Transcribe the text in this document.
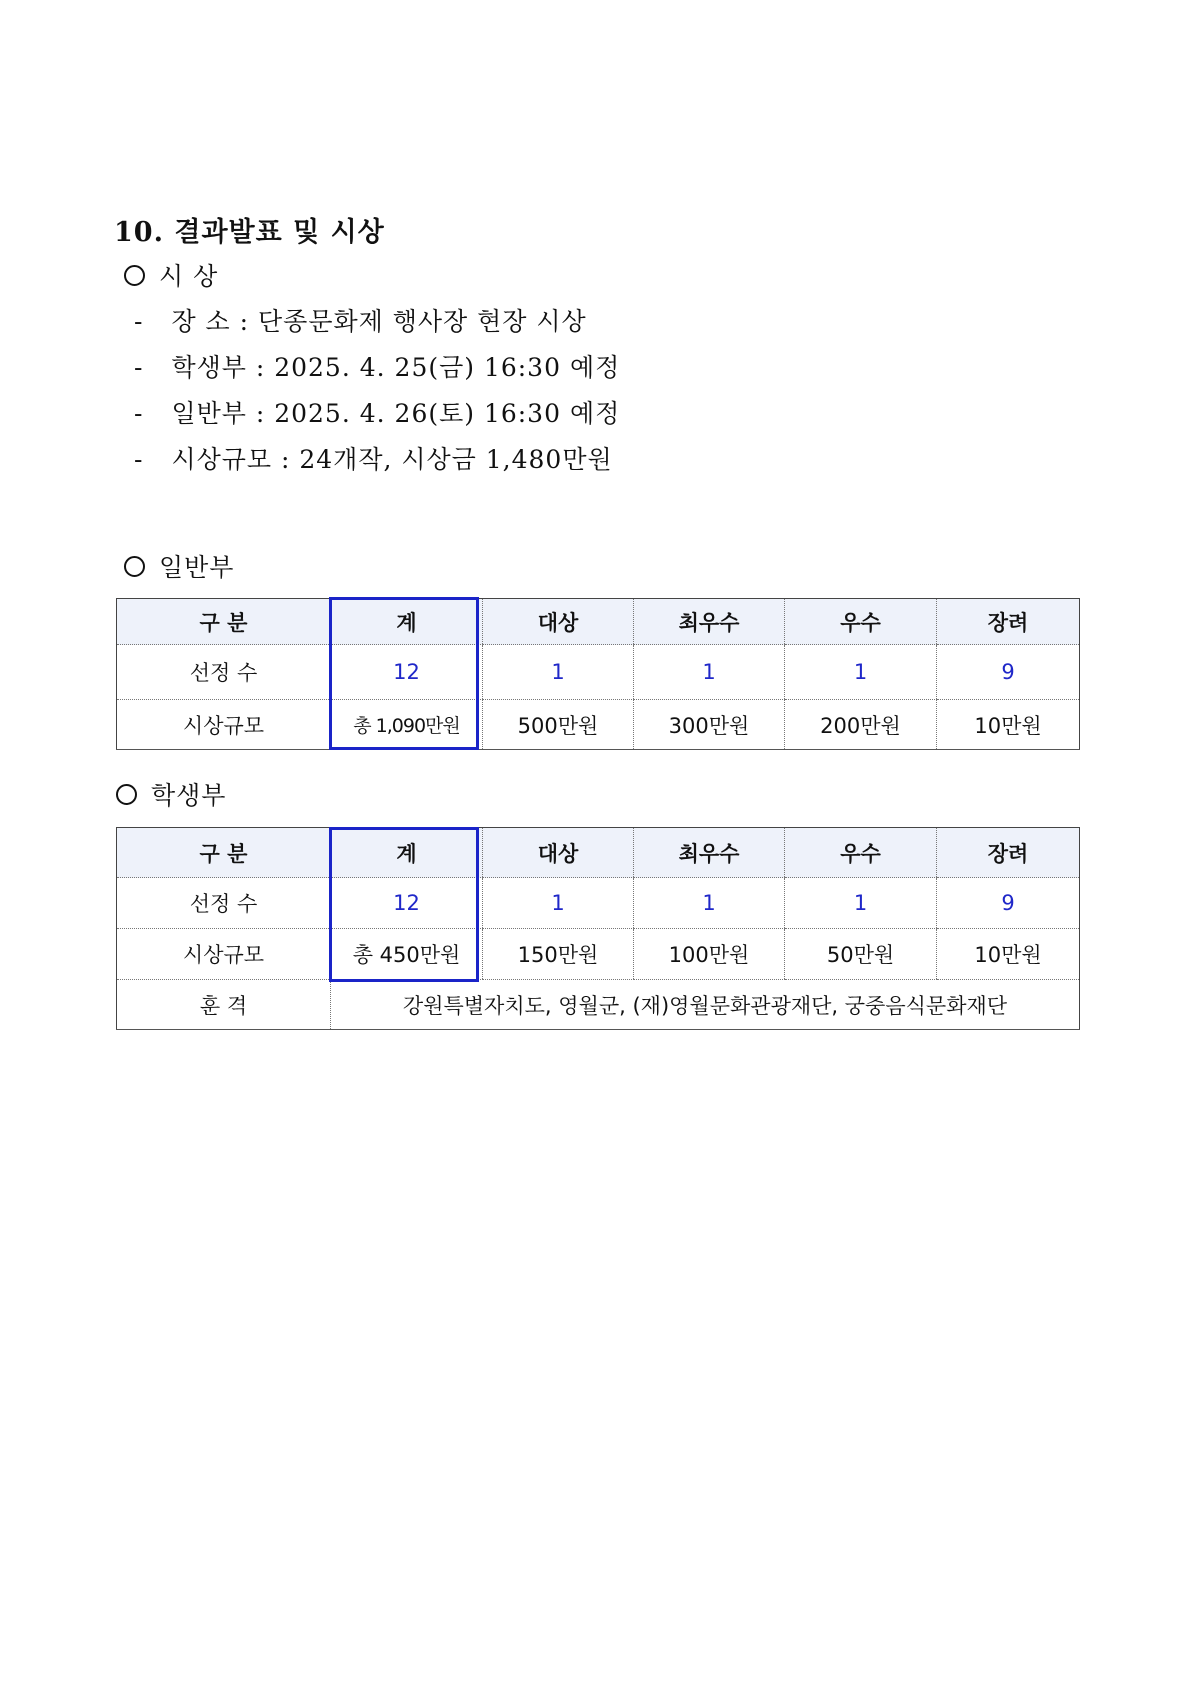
10. 결과발표 및 시상
시 상
- 장 소 : 단종문화제 행사장 현장 시상
- 학생부 : 2025. 4. 25(금) 16:30 예정
- 일반부 : 2025. 4. 26(토) 16:30 예정
- 시상규모 : 24개작, 시상금 1,480만원
일반부
구 분	계	대상	최우수	우수	장려
선정 수	12	1	1	1	9
시상규모	총 1,090만원	500만원	300만원	200만원	10만원
학생부
구 분	계	대상	최우수	우수	장려
선정 수	12	1	1	1	9
시상규모	총 450만원	150만원	100만원	50만원	10만원
훈 격	강원특별자치도, 영월군, (재)영월문화관광재단, 궁중음식문화재단				
